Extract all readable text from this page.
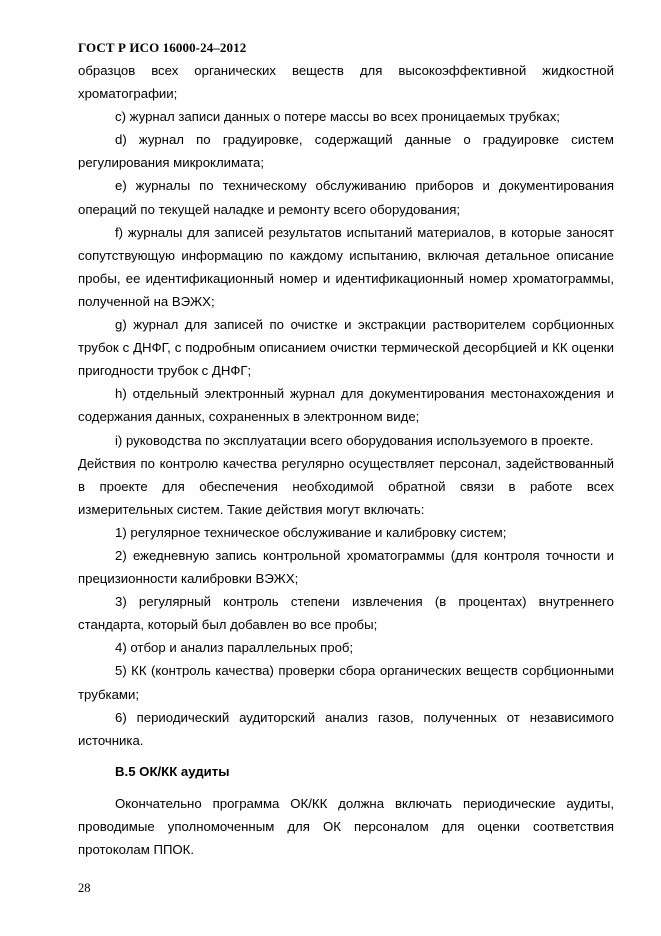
ГОСТ Р ИСО 16000-24–2012

образцов всех органических веществ для высокоэффективной жидкостной хроматографии;

с) журнал записи данных о потере массы во всех проницаемых трубках;

d) журнал по градуировке, содержащий данные о градуировке систем регулирования микроклимата;

е) журналы по техническому обслуживанию приборов и документирования операций по текущей наладке и ремонту всего оборудования;

f) журналы для записей результатов испытаний материалов, в которые заносят сопутствующую информацию по каждому испытанию, включая детальное описание пробы, ее идентификационный номер и идентификационный номер хроматограммы, полученной на ВЭЖХ;

g) журнал для записей по очистке и экстракции растворителем сорбционных трубок с ДНФГ, с подробным описанием очистки термической десорбцией и КК оценки пригодности трубок с ДНФГ;

h) отдельный электронный журнал для документирования местонахождения и содержания данных, сохраненных в электронном виде;

i) руководства по эксплуатации всего оборудования используемого в проекте.

Действия по контролю качества регулярно осуществляет персонал, задействованный в проекте для обеспечения необходимой обратной связи в работе всех измерительных систем. Такие действия могут включать:

1) регулярное техническое обслуживание и калибровку систем;

2) ежедневную запись контрольной хроматограммы (для контроля точности и прецизионности калибровки ВЭЖХ;

3) регулярный контроль степени извлечения (в процентах) внутреннего стандарта, который был добавлен во все пробы;

4) отбор и анализ параллельных проб;

5) КК (контроль качества) проверки сбора органических веществ сорбционными трубками;

6) периодический аудиторский анализ газов, полученных от независимого источника.

В.5 ОК/КК аудиты

Окончательно программа ОК/КК должна включать периодические аудиты, проводимые уполномоченным для ОК персоналом для оценки соответствия протоколам ППОК.

28
